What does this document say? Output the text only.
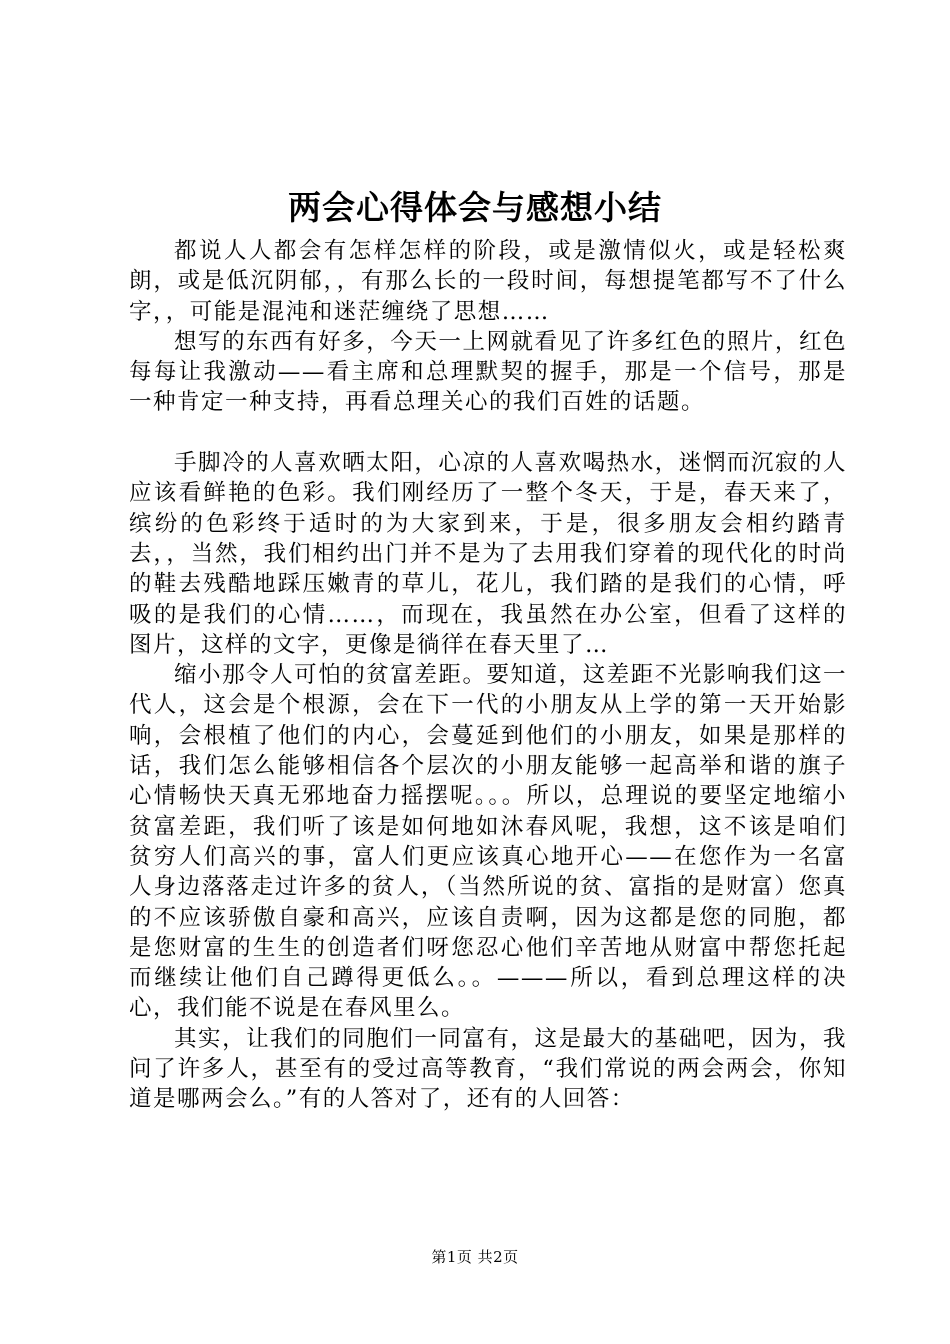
两会心得体会与感想小结

都说人人都会有怎样怎样的阶段，或是激情似火，或是轻松爽朗，或是低沉阴郁，，有那么长的一段时间，每想提笔都写不了什么字，，可能是混沌和迷茫缠绕了思想……

想写的东西有好多，今天一上网就看见了许多红色的照片，红色每每让我激动——看主席和总理默契的握手，那是一个信号，那是一种肯定一种支持，再看总理关心的我们百姓的话题。

手脚冷的人喜欢晒太阳，心凉的人喜欢喝热水，迷惘而沉寂的人应该看鲜艳的色彩。我们刚经历了一整个冬天，于是，春天来了，缤纷的色彩终于适时的为大家到来，于是，很多朋友会相约踏青去，，当然，我们相约出门并不是为了去用我们穿着的现代化的时尚的鞋去残酷地踩压嫩青的草儿，花儿，我们踏的是我们的心情，呼吸的是我们的心情……，而现在，我虽然在办公室，但看了这样的图片，这样的文字，更像是徜徉在春天里了…

缩小那令人可怕的贫富差距。要知道，这差距不光影响我们这一代人，这会是个根源，会在下一代的小朋友从上学的第一天开始影响，会根植了他们的内心，会蔓延到他们的小朋友，如果是那样的话，我们怎么能够相信各个层次的小朋友能够一起高举和谐的旗子心情畅快天真无邪地奋力摇摆呢。。。所以，总理说的要坚定地缩小贫富差距，我们听了该是如何地如沐春风呢，我想，这不该是咱们贫穷人们高兴的事，富人们更应该真心地开心——在您作为一名富人身边落落走过许多的贫人，（当然所说的贫、富指的是财富）您真的不应该骄傲自豪和高兴，应该自责啊，因为这都是您的同胞，都是您财富的生生的创造者们呀您忍心他们辛苦地从财富中帮您托起而继续让他们自己蹲得更低么。。———所以，看到总理这样的决心，我们能不说是在春风里么。

其实，让我们的同胞们一同富有，这是最大的基础吧，因为，我问了许多人，甚至有的受过高等教育，“我们常说的两会两会，你知道是哪两会么。”有的人答对了，还有的人回答：

第1页 共2页
